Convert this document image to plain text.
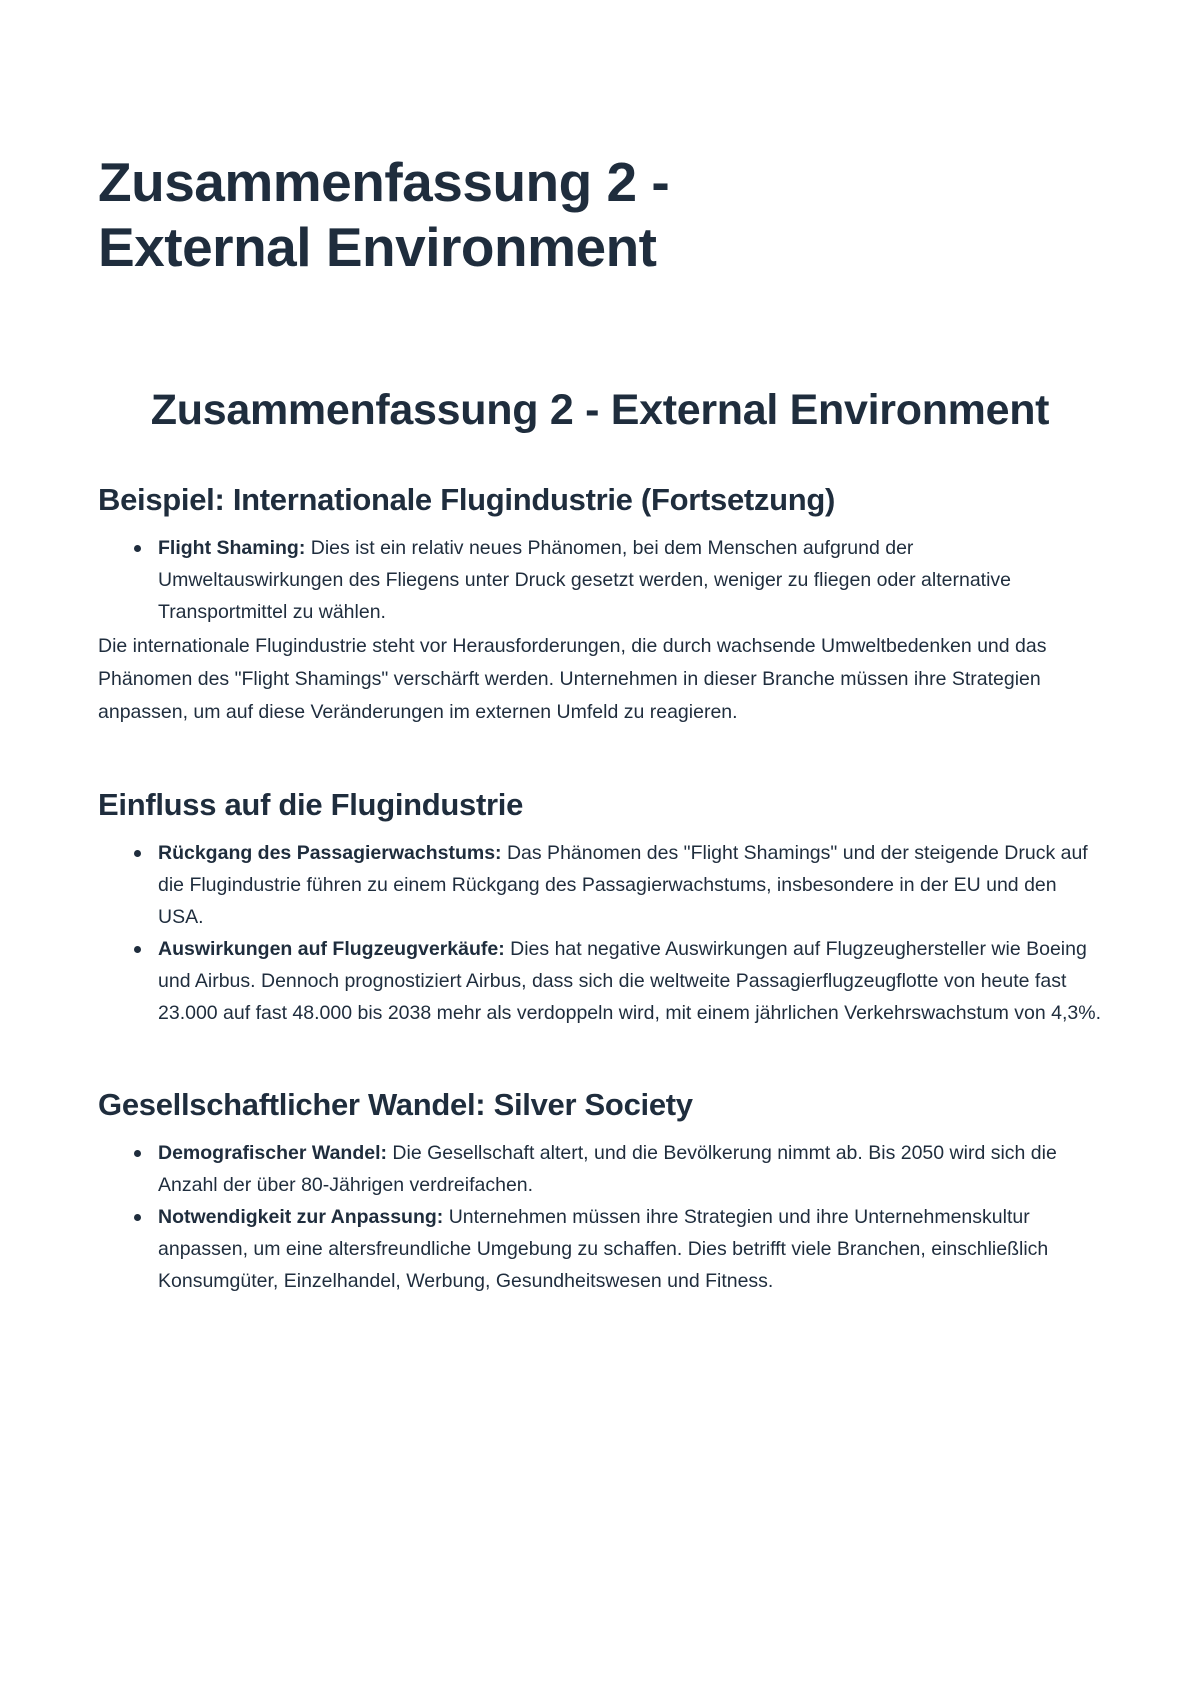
Zusammenfassung 2 - External Environment
Zusammenfassung 2 - External Environment
Beispiel: Internationale Flugindustrie (Fortsetzung)
Flight Shaming: Dies ist ein relativ neues Phänomen, bei dem Menschen aufgrund der Umweltauswirkungen des Fliegens unter Druck gesetzt werden, weniger zu fliegen oder alternative Transportmittel zu wählen.

Die internationale Flugindustrie steht vor Herausforderungen, die durch wachsende Umweltbedenken und das Phänomen des "Flight Shamings" verschärft werden. Unternehmen in dieser Branche müssen ihre Strategien anpassen, um auf diese Veränderungen im externen Umfeld zu reagieren.

Einfluss auf die Flugindustrie
Rückgang des Passagierwachstums: Das Phänomen des "Flight Shamings" und der steigende Druck auf die Flugindustrie führen zu einem Rückgang des Passagierwachstums, insbesondere in der EU und den USA.
Auswirkungen auf Flugzeugverkäufe: Dies hat negative Auswirkungen auf Flugzeughersteller wie Boeing und Airbus. Dennoch prognostiziert Airbus, dass sich die weltweite Passagierflugzeugflotte von heute fast 23.000 auf fast 48.000 bis 2038 mehr als verdoppeln wird, mit einem jährlichen Verkehrswachstum von 4,3%.
Gesellschaftlicher Wandel: Silver Society
Demografischer Wandel: Die Gesellschaft altert, und die Bevölkerung nimmt ab. Bis 2050 wird sich die Anzahl der über 80-Jährigen verdreifachen.
Notwendigkeit zur Anpassung: Unternehmen müssen ihre Strategien und ihre Unternehmenskultur anpassen, um eine altersfreundliche Umgebung zu schaffen. Dies betrifft viele Branchen, einschließlich Konsumgüter, Einzelhandel, Werbung, Gesundheitswesen und Fitness.
